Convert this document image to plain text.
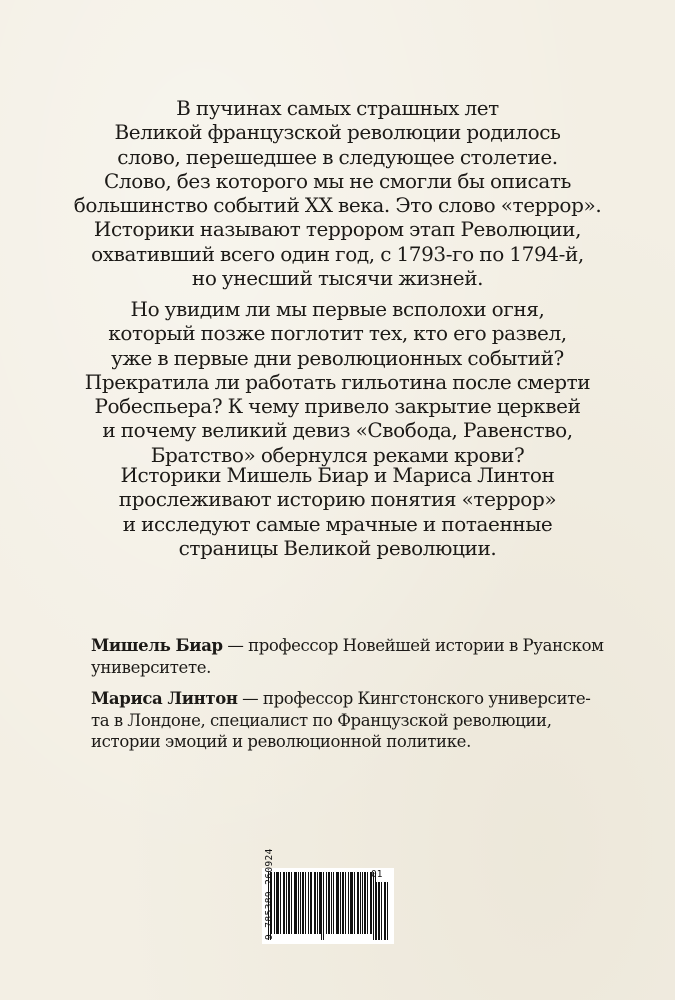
В пучинах самых страшных лет

Великой французской революции родилось

слово, перешедшее в следующее столетие.

Слово, без которого мы не смогли бы описать

большинство событий XX века. Это слово «террор».

Историки называют террором этап Революции,

охвативший всего один год, с 1793-го по 1794-й,

но унесший тысячи жизней.

Но увидим ли мы первые всполохи огня,

который позже поглотит тех, кто его развел,

уже в первые дни революционных событий?

Прекратила ли работать гильотина после смерти

Робеспьера? К чему привело закрытие церквей

и почему великий девиз «Свобода, Равенство,

Братство» обернулся реками крови?

Историки Мишель Биар и Мариса Линтон

прослеживают историю понятия «террор»

и исследуют самые мрачные и потаенные

страницы Великой революции.

Мишель Биар — профессор Новейшей истории в Руанском
университете.
Мариса Линтон — профессор Кингстонского университе-
та в Лондоне, специалист по Французской революции,
истории эмоций и революционной политике.
9 785389 260924	01
